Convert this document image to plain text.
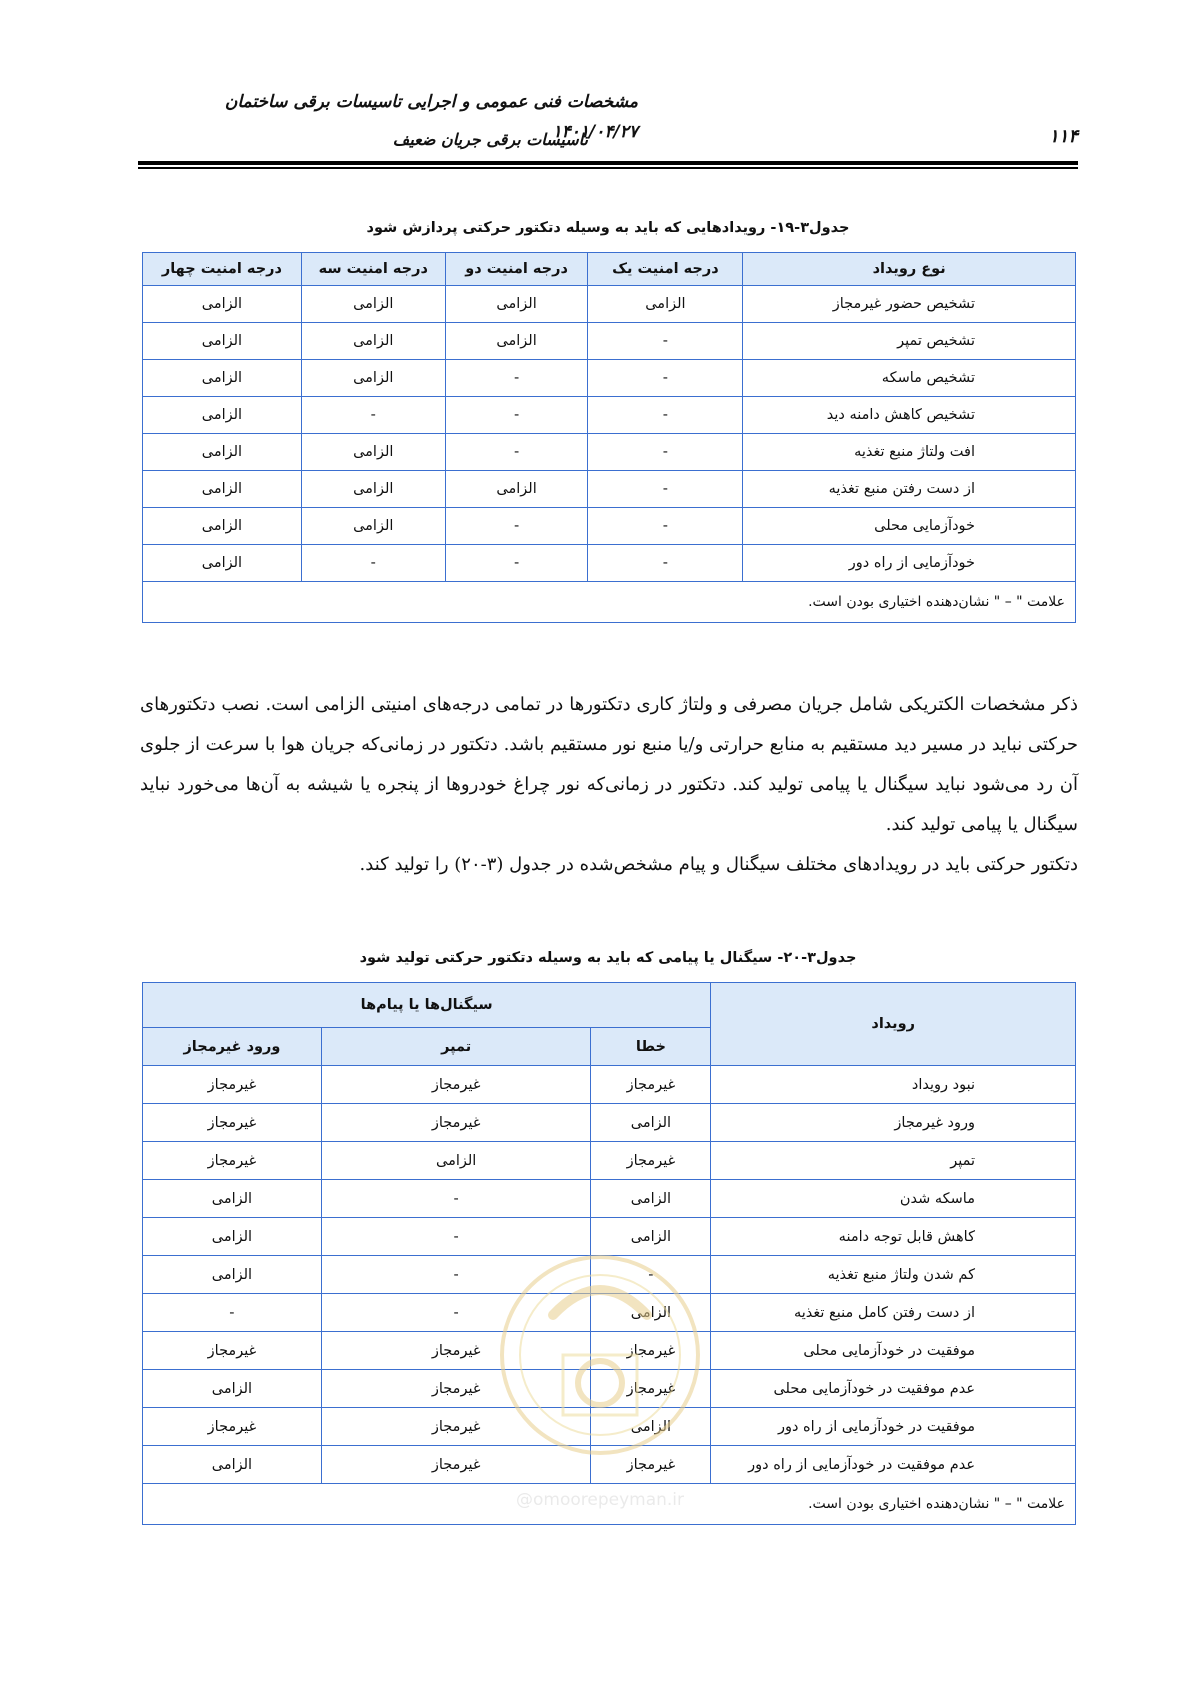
مشخصات فنی عمومی و اجرایی تاسیسات برقی ساختمان
تاسیسات برقی جریان ضعیف
۱۴۰۱/۰۴/۲۷	۱۱۴
جدول۳-۱۹- رویدادهایی که باید به وسیله دتکتور حرکتی پردازش شود
نوع رویداد	درجه امنیت یک	درجه امنیت دو	درجه امنیت سه	درجه امنیت چهار
تشخیص حضور غیرمجاز	الزامی	الزامی	الزامی	الزامی
تشخیص تمپر	-	الزامی	الزامی	الزامی
تشخیص ماسکه	-	-	الزامی	الزامی
تشخیص کاهش دامنه دید	-	-	-	الزامی
افت ولتاژ منبع تغذیه	-	-	الزامی	الزامی
از دست رفتن منبع تغذیه	-	الزامی	الزامی	الزامی
خودآزمایی محلی	-	-	الزامی	الزامی
خودآزمایی از راه دور	-	-	-	الزامی
علامت " – " نشان‌دهنده اختیاری بودن است.				

ذکر مشخصات الکتریکی شامل جریان مصرفی و ولتاژ کاری دتکتورها در تمامی درجه‌های امنیتی الزامی است. نصب دتکتورهای حرکتی نباید در مسیر دید مستقیم به منابع حرارتی و/یا منبع نور مستقیم باشد. دتکتور در زمانی‌که جریان هوا با سرعت از جلوی آن رد می‌شود نباید سیگنال یا پیامی تولید کند. دتکتور در زمانی‌که نور چراغ خودروها از پنجره یا شیشه به آن‌ها می‌خورد نباید سیگنال یا پیامی تولید کند.

دتکتور حرکتی باید در رویدادهای مختلف سیگنال و پیام مشخص‌شده در جدول (۳-۲۰) را تولید کند.

جدول۳-۲۰- سیگنال یا پیامی که باید به وسیله دتکتور حرکتی تولید شود
رویداد	سیگنال‌ها یا پیام‌ها		
	خطا	تمپر	ورود غیرمجاز
نبود رویداد	غیرمجاز	غیرمجاز	غیرمجاز
ورود غیرمجاز	الزامی	غیرمجاز	غیرمجاز
تمپر	غیرمجاز	الزامی	غیرمجاز
ماسکه شدن	الزامی	-	الزامی
کاهش قابل توجه دامنه	الزامی	-	الزامی
کم شدن ولتاژ منبع تغذیه	-	-	الزامی
از دست رفتن کامل منبع تغذیه	الزامی	-	-
موفقیت در خودآزمایی محلی	غیرمجاز	غیرمجاز	غیرمجاز
عدم موفقیت در خودآزمایی محلی	غیرمجاز	غیرمجاز	الزامی
موفقیت در خودآزمایی از راه دور	الزامی	غیرمجاز	غیرمجاز
عدم موفقیت در خودآزمایی از راه دور	غیرمجاز	غیرمجاز	الزامی
علامت " – " نشان‌دهنده اختیاری بودن است.			
@omoorepeyman.ir
